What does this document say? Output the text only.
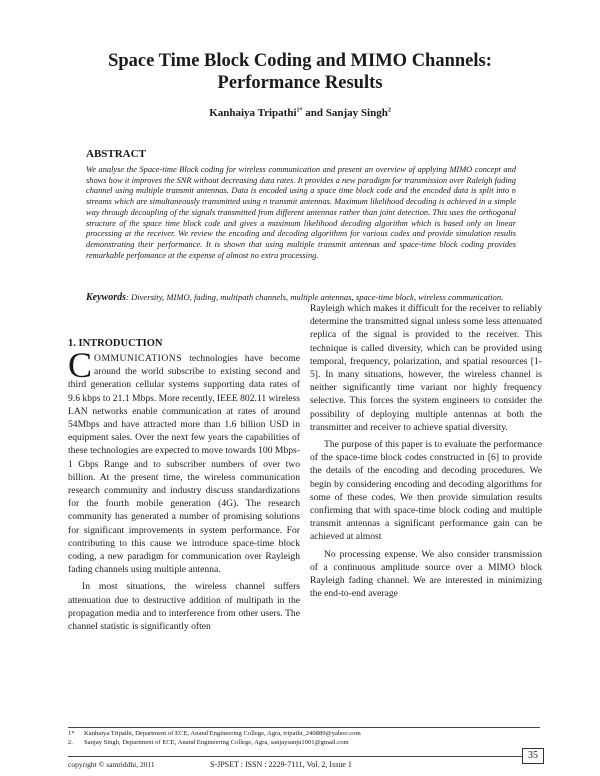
Space Time Block Coding and MIMO Channels:
Performance Results
Kanhaiya Tripathi$^{1*}$ and Sanjay Singh$^2$
ABSTRACT
We analyse the Space-time Block coding for wireless communication and present an overview of applying MIMO concept and shows how it improves the SNR without decreasing data rates. It provides a new paradigm for transmission over Raleigh fading channel using multiple transmit antennas. Data is encoded using a space time block code and the encoded data is split into n streams which are simultaneously transmitted using n transmit antennas. Maximum likelihood decoding is achieved in a simple way through decoupling of the signals transmitted from different antennas rather than joint detection. This uses the orthogonal structure of the space time block code and gives a maximum likelihood decoding algorithm which is based only on linear processing at the receiver. We review the encoding and decoding algorithms for various codes and provide simulation results demonstrating their performance. It is shown that using multiple transmit antennas and space-time block coding provides remarkable perfomance at the expense of almost no extra processing.
Keywords: Diversity, MIMO, fading, multipath channels, multiple antennas, space-time block, wireless communication.
1. INTRODUCTION

COMMUNICATIONS technologies have become around the world subscribe to existing second and third generation cellular systems supporting data rates of 9.6 kbps to 21.1 Mbps. More recently, IEEE 802.11 wireless LAN networks enable communication at rates of around 54Mbps and have attracted more than 1.6 billion USD in equipment sales. Over the next few years the capabilities of these technologies are expected to move towards 100 Mbps- 1 Gbps Range and to subscriber numbers of over two billion. At the present time, the wireless communication research community and industry discuss standardizations for the fourth mobile generation (4G). The research community has generated a number of promising solutions for significant improvements in system performance. For contributing to this cause we introduce space-time block coding, a new paradigm for communication over Rayleigh fading channels using multiple antenna.

In most situations, the wireless channel suffers attenuation due to destructive addition of multipath in the propagation media and to interference from other users. The channel statistic is significantly often

Rayleigh which makes it difficult for the receiver to reliably determine the transmitted signal unless some less attenuated replica of the signal is provided to the receiver. This technique is called diversity, which can be provided using temporal, frequency, polarization, and spatial resources [1-5]. In many situations, however, the wireless channel is neither significantly time variant nor highly frequency selective. This forces the system engineers to consider the possibility of deploying multiple antennas at both the transmitter and receiver to achieve spatial diversity.

The purpose of this paper is to evaluate the performance of the space-time block codes constructed in [6] to provide the details of the encoding and decoding procedures. We begin by considering encoding and decoding algorithms for some of these codes. We then provide simulation results confirming that with space-time block coding and multiple transmit antennas a significant performance gain can be achieved at almost

No processing expense. We also consider transmission of a continuous amplitude source over a MIMO block Rayleigh fading channel. We are interested in minimizing the end-to-end average

1* Kanhaiya Tripathi, Department of ECE, Anand Engineering College, Agra, tripathi_240889@yahoo.com
2. Sanjay Singh, Department of ECE, Anand Engineering College, Agra, sanjaysanju1001@gmail.com
35
copyright © samriddhi, 2011	S-JPSET : ISSN : 2229-7111, Vol. 2, Issue 1
